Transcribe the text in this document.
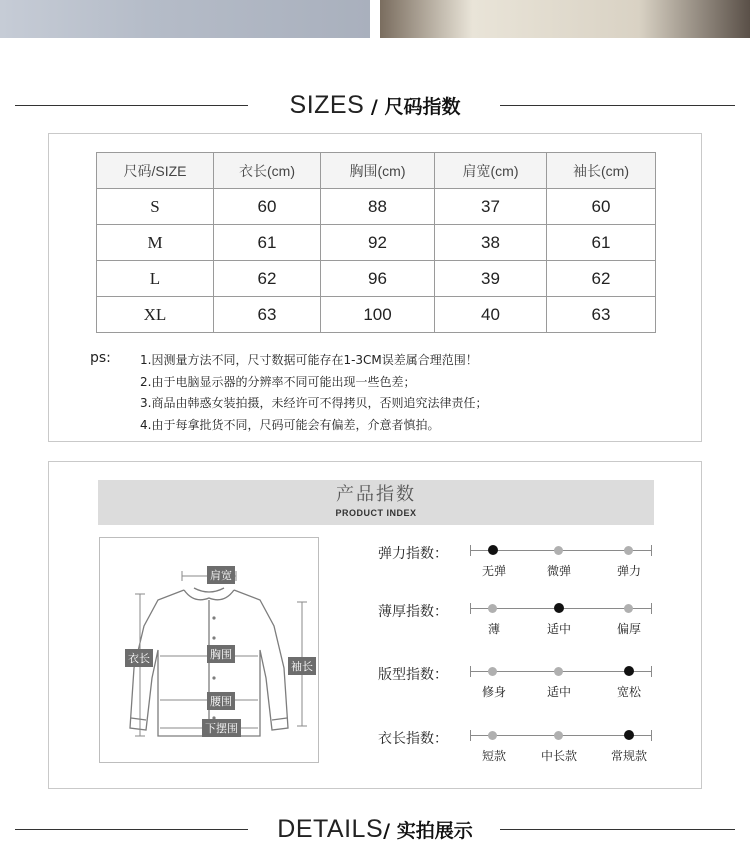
SIZES / 尺码指数
尺码/SIZE	衣长(cm)	胸围(cm)	肩宽(cm)	袖长(cm)
S	60	88	37	60
M	61	92	38	61
L	62	96	39	62
XL	63	100	40	63
ps: 1.因测量方法不同，尺寸数据可能存在1-3CM误差属合理范围！
2.由于电脑显示器的分辨率不同可能出现一些色差；
3.商品由韩惑女装拍摄，未经许可不得拷贝，否则追究法律责任；
4.由于每拿批货不同，尺码可能会有偏差，介意者慎拍。
产品指数
PRODUCT INDEX
肩宽
衣长	胸围
袖长
腰围
下摆围
弹力指数：
无弹	微弹	弹力
薄厚指数：
薄	适中	偏厚
版型指数：
修身	适中	宽松
衣长指数：
短款	中长款	常规款
DETAILS/ 实拍展示
